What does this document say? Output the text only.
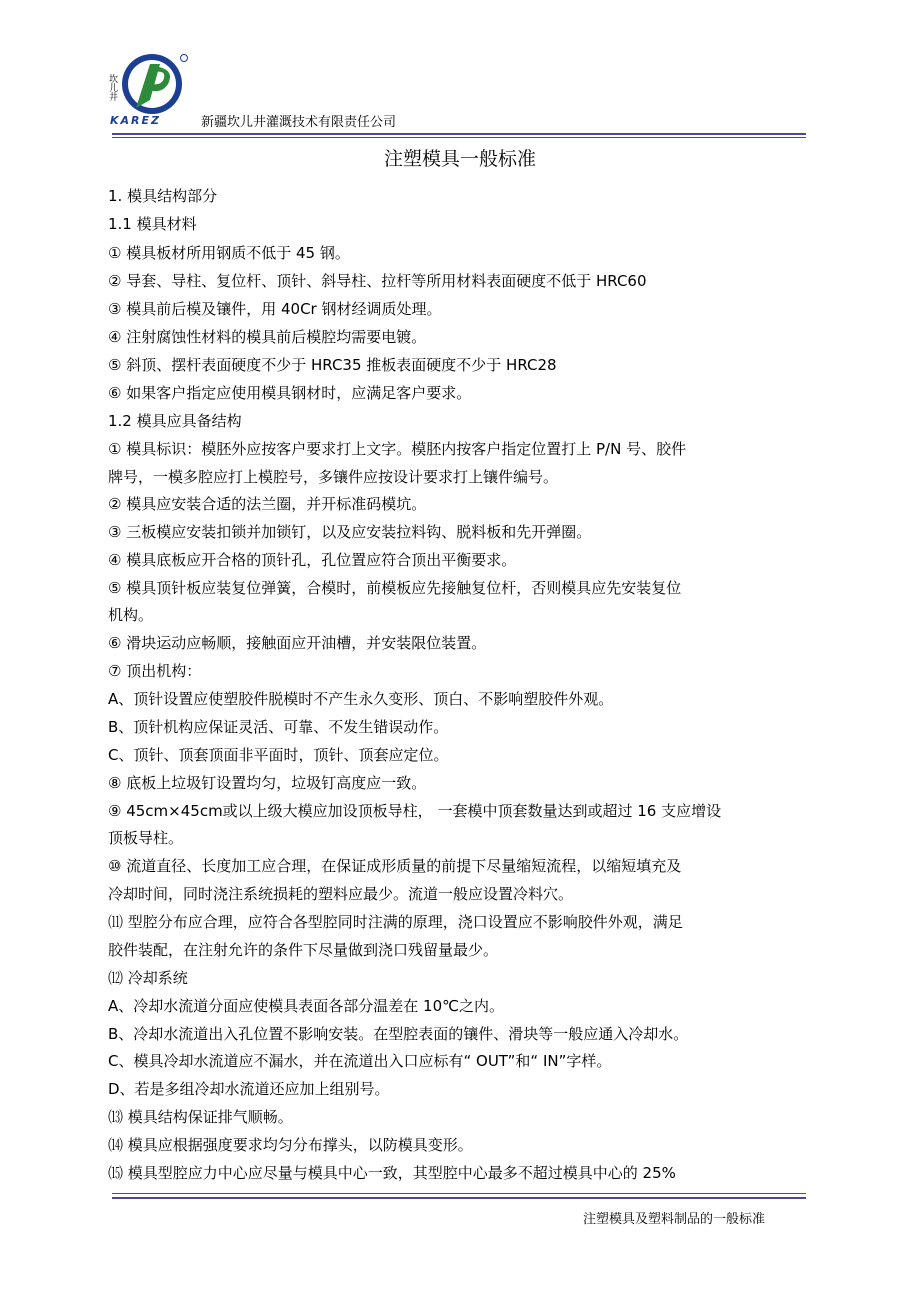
坎儿井
KAREZ	新疆坎儿井灌溉技术有限责任公司
注塑模具一般标准
1. 模具结构部分
1.1 模具材料
① 模具板材所用钢质不低于 45 钢。
② 导套、导柱、复位杆、顶针、斜导柱、拉杆等所用材料表面硬度不低于 HRC60
③ 模具前后模及镶件，用 40Cr 钢材经调质处理。
④ 注射腐蚀性材料的模具前后模腔均需要电镀。
⑤ 斜顶、摆杆表面硬度不少于 HRC35 推板表面硬度不少于 HRC28
⑥ 如果客户指定应使用模具钢材时，应满足客户要求。
1.2 模具应具备结构
① 模具标识：模胚外应按客户要求打上文字。模胚内按客户指定位置打上 P/N 号、胶件
牌号，一模多腔应打上模腔号，多镶件应按设计要求打上镶件编号。
② 模具应安装合适的法兰圈，并开标准码模坑。
③ 三板模应安装扣锁并加锁钉，以及应安装拉料钩、脱料板和先开弹圈。
④ 模具底板应开合格的顶针孔，孔位置应符合顶出平衡要求。
⑤ 模具顶针板应装复位弹簧，合模时，前模板应先接触复位杆，否则模具应先安装复位
机构。
⑥ 滑块运动应畅顺，接触面应开油槽，并安装限位装置。
⑦ 顶出机构：
A、顶针设置应使塑胶件脱模时不产生永久变形、顶白、不影响塑胶件外观。
B、顶针机构应保证灵活、可靠、不发生错误动作。
C、顶针、顶套顶面非平面时，顶针、顶套应定位。
⑧ 底板上垃圾钉设置均匀，垃圾钉高度应一致。
⑨ 45cm×45cm或以上级大模应加设顶板导柱， 一套模中顶套数量达到或超过 16 支应增设
顶板导柱。
⑩ 流道直径、长度加工应合理，在保证成形质量的前提下尽量缩短流程，以缩短填充及
冷却时间，同时浇注系统损耗的塑料应最少。流道一般应设置冷料穴。
⑾ 型腔分布应合理，应符合各型腔同时注满的原理，浇口设置应不影响胶件外观，满足
胶件装配，在注射允许的条件下尽量做到浇口残留量最少。
⑿ 冷却系统
A、冷却水流道分面应使模具表面各部分温差在 10℃之内。
B、冷却水流道出入孔位置不影响安装。在型腔表面的镶件、滑块等一般应通入冷却水。
C、模具冷却水流道应不漏水，并在流道出入口应标有“ OUT”和“ IN”字样。
D、若是多组冷却水流道还应加上组别号。
⒀ 模具结构保证排气顺畅。
⒁ 模具应根据强度要求均匀分布撑头，以防模具变形。
⒂ 模具型腔应力中心应尽量与模具中心一致，其型腔中心最多不超过模具中心的 25%
注塑模具及塑料制品的一般标准
